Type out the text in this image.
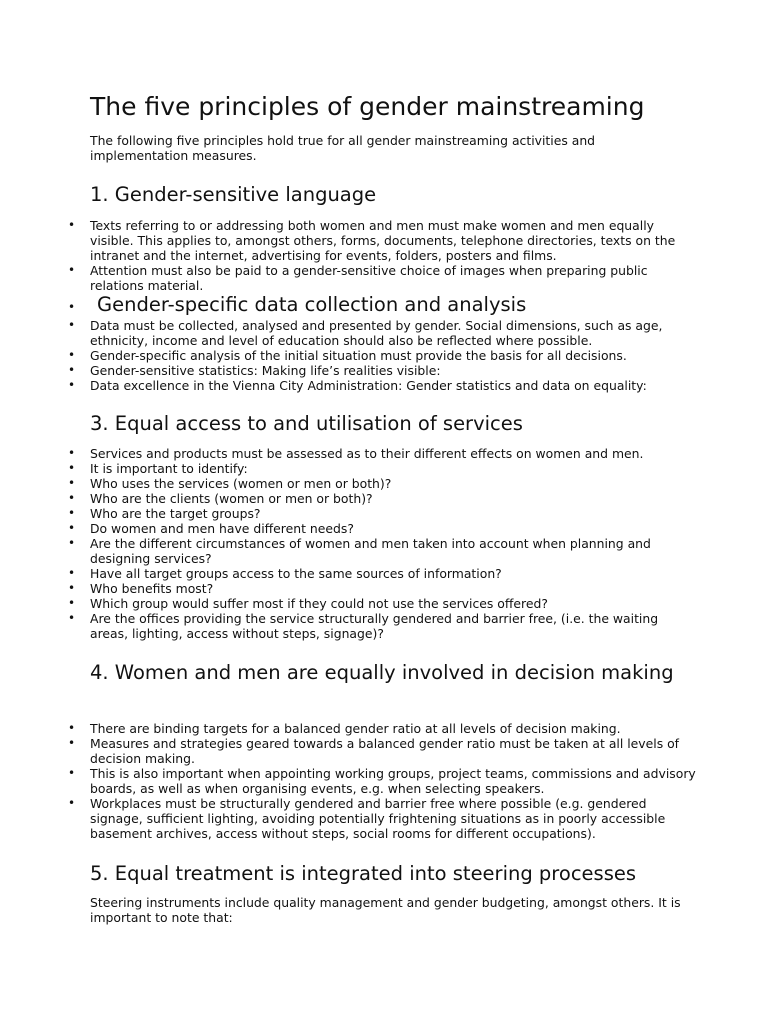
The five principles of gender mainstreaming

The following five principles hold true for all gender mainstreaming activities and implementation measures.

1. Gender-sensitive language
• Texts referring to or addressing both women and men must make women and men equally visible. This applies to, amongst others, forms, documents, telephone directories, texts on the intranet and the internet, advertising for events, folders, posters and films.
• Attention must also be paid to a gender-sensitive choice of images when preparing public relations material.
• Gender-specific data collection and analysis
• Data must be collected, analysed and presented by gender. Social dimensions, such as age, ethnicity, income and level of education should also be reflected where possible.
• Gender-specific analysis of the initial situation must provide the basis for all decisions.
• Gender-sensitive statistics: Making life’s realities visible:
• Data excellence in the Vienna City Administration: Gender statistics and data on equality:
3. Equal access to and utilisation of services
• Services and products must be assessed as to their different effects on women and men.
• It is important to identify:
• Who uses the services (women or men or both)?
• Who are the clients (women or men or both)?
• Who are the target groups?
• Do women and men have different needs?
• Are the different circumstances of women and men taken into account when planning and designing services?
• Have all target groups access to the same sources of information?
• Who benefits most?
• Which group would suffer most if they could not use the services offered?
• Are the offices providing the service structurally gendered and barrier free, (i.e. the waiting areas, lighting, access without steps, signage)?
4. Women and men are equally involved in decision making
• There are binding targets for a balanced gender ratio at all levels of decision making.
• Measures and strategies geared towards a balanced gender ratio must be taken at all levels of decision making.
• This is also important when appointing working groups, project teams, commissions and advisory boards, as well as when organising events, e.g. when selecting speakers.
• Workplaces must be structurally gendered and barrier free where possible (e.g. gendered signage, sufficient lighting, avoiding potentially frightening situations as in poorly accessible basement archives, access without steps, social rooms for different occupations).
5. Equal treatment is integrated into steering processes

Steering instruments include quality management and gender budgeting, amongst others. It is important to note that:
